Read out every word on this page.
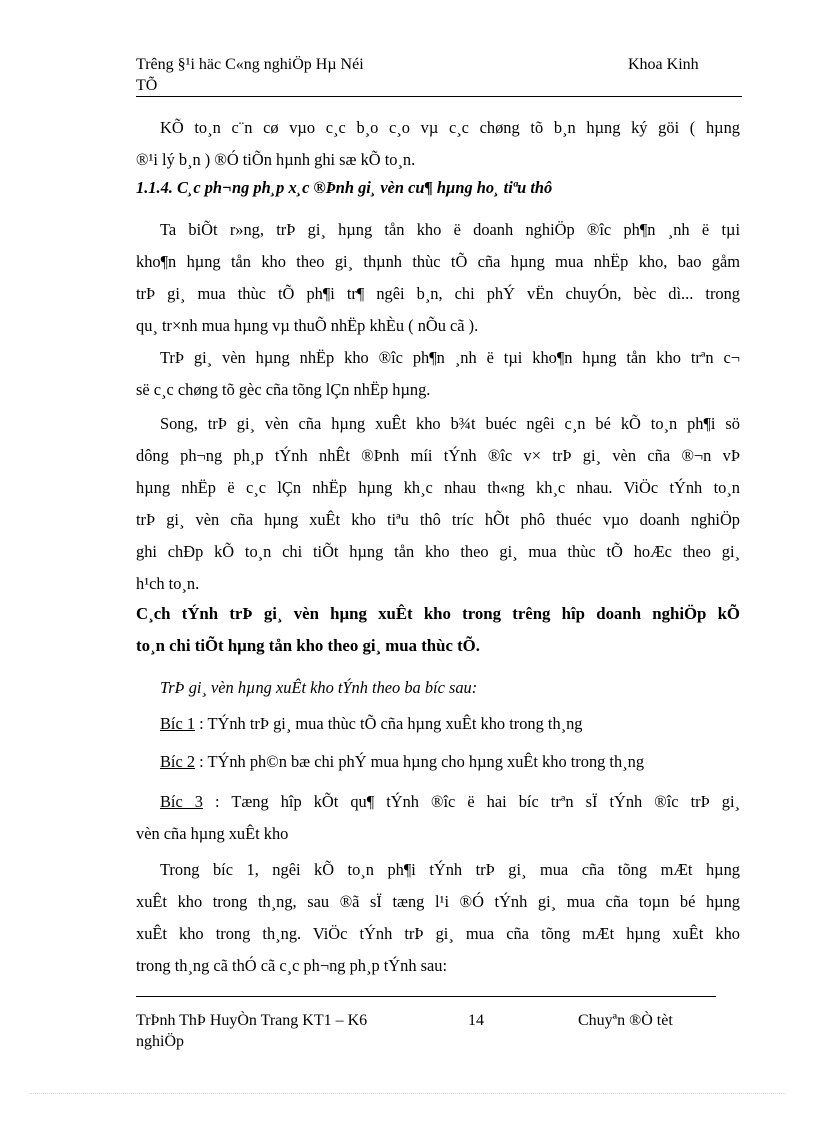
Trêng §¹i häc C«ng nghiÖp Hµ Néi
TÕ
Khoa Kinh
KÕ to¸n c¨n cø vµo c¸c b¸o c¸o vµ c¸c chøng tõ b¸n hµng ký göi ( hµng
®¹i lý b¸n ) ®Ó tiÕn hµnh ghi sæ kÕ to¸n.
1.1.4. C¸c ph¬ng ph¸p x¸c ®Þnh gi¸ vèn cu¶ hµng ho¸ tiªu thô
Ta biÕt r»ng, trÞ gi¸ hµng tån kho ë doanh nghiÖp ®îc ph¶n ¸nh ë tµi
kho¶n hµng tån kho theo gi¸ thµnh thùc tÕ cña hµng mua nhËp kho, bao gåm
trÞ gi¸ mua thùc tÕ ph¶i tr¶ ngêi b¸n, chi phÝ vËn chuyÓn, bèc dì... trong
qu¸ tr×nh mua hµng vµ thuÕ nhËp khÈu ( nÕu cã ).
TrÞ gi¸ vèn hµng nhËp kho ®îc ph¶n ¸nh ë tµi kho¶n hµng tån kho trªn c¬
së c¸c chøng tõ gèc cña tõng lÇn nhËp hµng.
Song, trÞ gi¸ vèn cña hµng xuÊt kho b¾t buéc ngêi c¸n bé kÕ to¸n ph¶i sö
dông ph¬ng ph¸p tÝnh nhÊt ®Þnh míi tÝnh ®îc v× trÞ gi¸ vèn cña ®¬n vÞ
hµng nhËp ë c¸c lÇn nhËp hµng kh¸c nhau th«ng kh¸c nhau. ViÖc tÝnh to¸n
trÞ gi¸ vèn cña hµng xuÊt kho tiªu thô tríc hÕt phô thuéc vµo doanh nghiÖp
ghi chÐp kÕ to¸n chi tiÕt hµng tån kho theo gi¸ mua thùc tÕ hoÆc theo gi¸
h¹ch to¸n.
C¸ch tÝnh trÞ gi¸ vèn hµng xuÊt kho trong trêng hîp doanh nghiÖp kÕ
to¸n chi tiÕt hµng tån kho theo gi¸ mua thùc tÕ.
TrÞ gi¸ vèn hµng xuÊt kho tÝnh theo ba bíc sau:
Bíc 1 : TÝnh trÞ gi¸ mua thùc tÕ cña hµng xuÊt kho trong th¸ng
Bíc 2 : TÝnh ph©n bæ chi phÝ mua hµng cho hµng xuÊt kho trong th¸ng
Bíc 3 : Tæng hîp kÕt qu¶ tÝnh ®îc ë hai bíc trªn sÏ tÝnh ®îc trÞ gi¸
vèn cña hµng xuÊt kho
Trong bíc 1, ngêi kÕ to¸n ph¶i tÝnh trÞ gi¸ mua cña tõng mÆt hµng
xuÊt kho trong th¸ng, sau ®ã sÏ tæng l¹i ®Ó tÝnh gi¸ mua cña toµn bé hµng
xuÊt kho trong th¸ng. ViÖc tÝnh trÞ gi¸ mua cña tõng mÆt hµng xuÊt kho
trong th¸ng cã thÓ cã c¸c ph¬ng ph¸p tÝnh sau:
TrÞnh ThÞ HuyÒn Trang KT1 – K6
nghiÖp
14	Chuyªn ®Ò tèt
